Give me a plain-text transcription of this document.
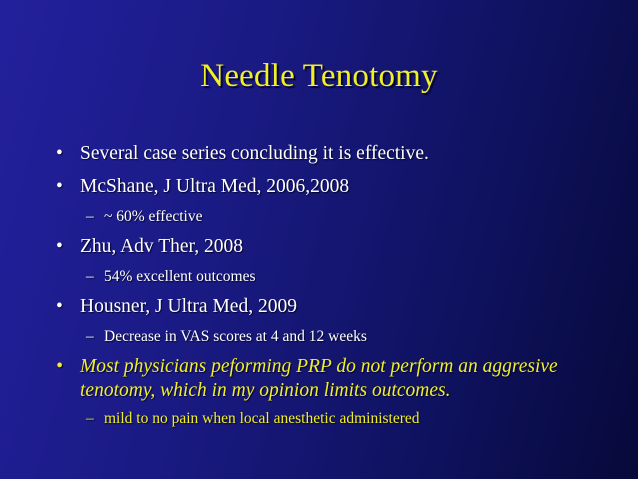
Needle Tenotomy
• Several case series concluding it is effective.
• McShane, J Ultra Med, 2006,2008
– ~ 60% effective
• Zhu, Adv Ther, 2008
– 54% excellent outcomes
• Housner, J Ultra Med, 2009
– Decrease in VAS scores at 4 and 12 weeks
• Most physicians peforming PRP do not perform an aggresive
tenotomy, which in my opinion limits outcomes.
– mild to no pain when local anesthetic administered
